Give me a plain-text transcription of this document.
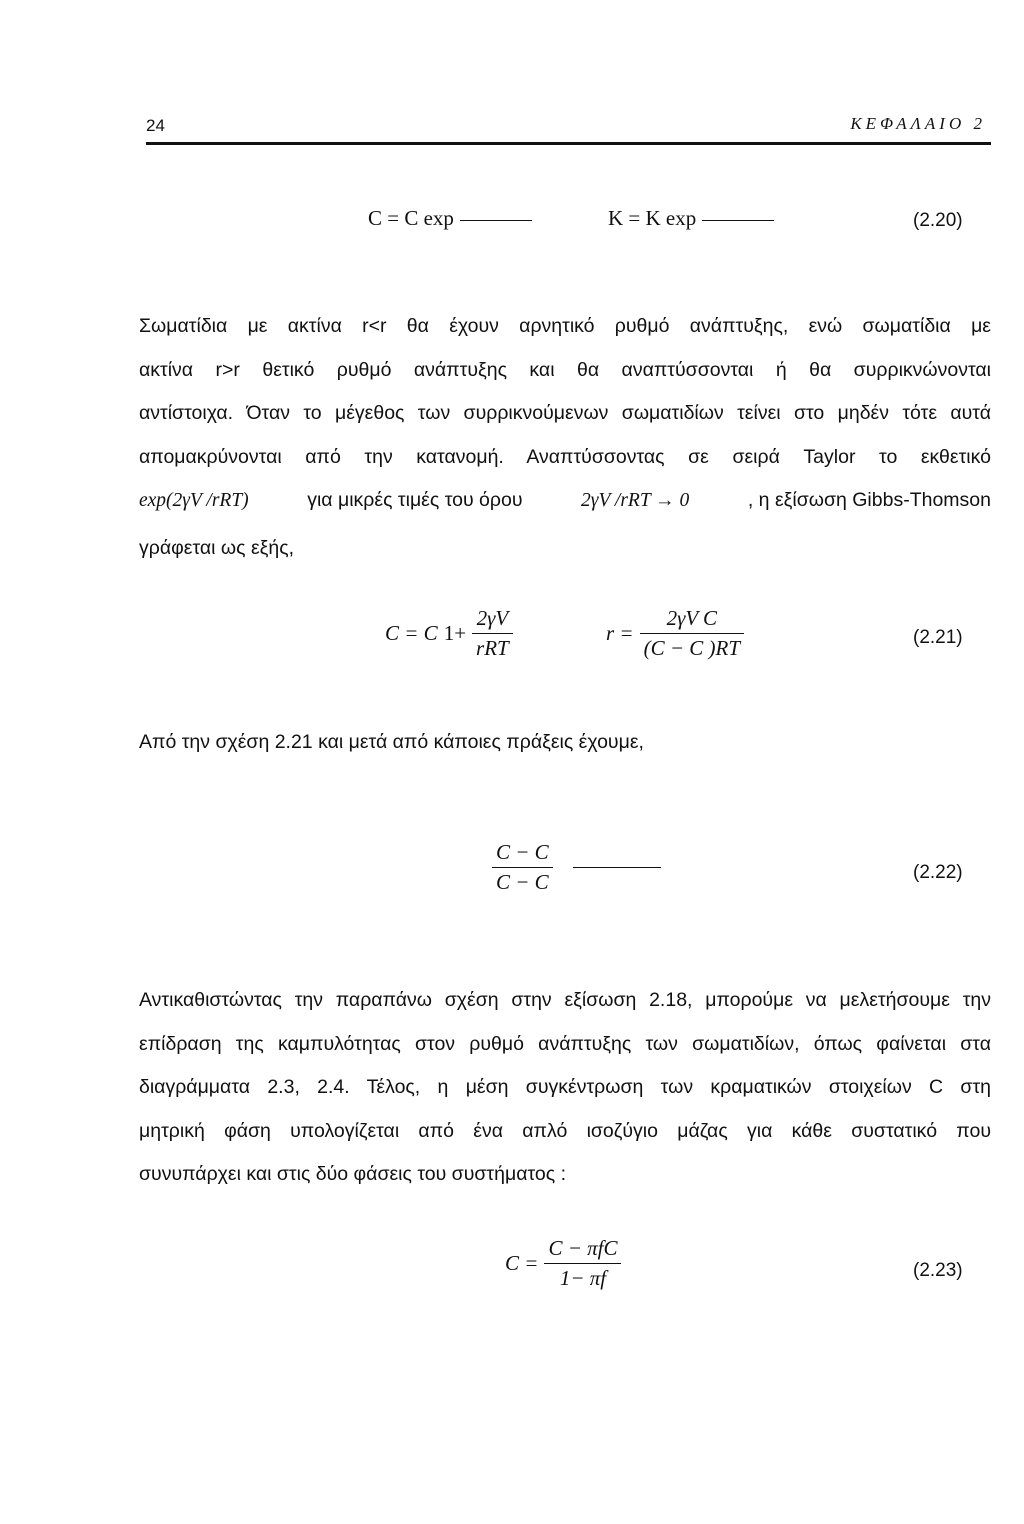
24	ΚΕΦΑΛΑΙΟ 2
C = C exp	K = K exp	(2.20)
Σωματίδια με ακτίνα r<r θα έχουν αρνητικό ρυθμό ανάπτυξης, ενώ σωματίδια με
ακτίνα r>r θετικό ρυθμό ανάπτυξης και θα αναπτύσσονται ή θα συρρικνώνονται
αντίστοιχα. Όταν το μέγεθος των συρρικνούμενων σωματιδίων τείνει στο μηδέν τότε αυτά
απομακρύνονται από την κατανομή. Αναπτύσσοντας σε σειρά Taylor το εκθετικό
exp(2γV /rRT)	για μικρές τιμές του όρου	2γV /rRT → 0	, η εξίσωση Gibbs-Thomson
γράφεται ως εξής,
C = C $1+ \frac{2\gamma V}{\text{rRT}}$	$r = \frac{\text{2γV C}}{(C - C )RT}$	(2.21)
Από την σχέση 2.21 και μετά από κάποιες πράξεις έχουμε,
$\frac{C - C}{C - C}$	(2.22)
Αντικαθιστώντας την παραπάνω σχέση στην εξίσωση 2.18, μπορούμε να μελετήσουμε την
επίδραση της καμπυλότητας στον ρυθμό ανάπτυξης των σωματιδίων, όπως φαίνεται στα
διαγράμματα 2.3, 2.4. Τέλος, η μέση συγκέντρωση των κραματικών στοιχείων C στη
μητρική φάση υπολογίζεται από ένα απλό ισοζύγιο μάζας για κάθε συστατικό που
συνυπάρχει και στις δύο φάσεις του συστήματος :
$C = \frac{\text{C − πfC}}{1- \pi f}$	(2.23)
